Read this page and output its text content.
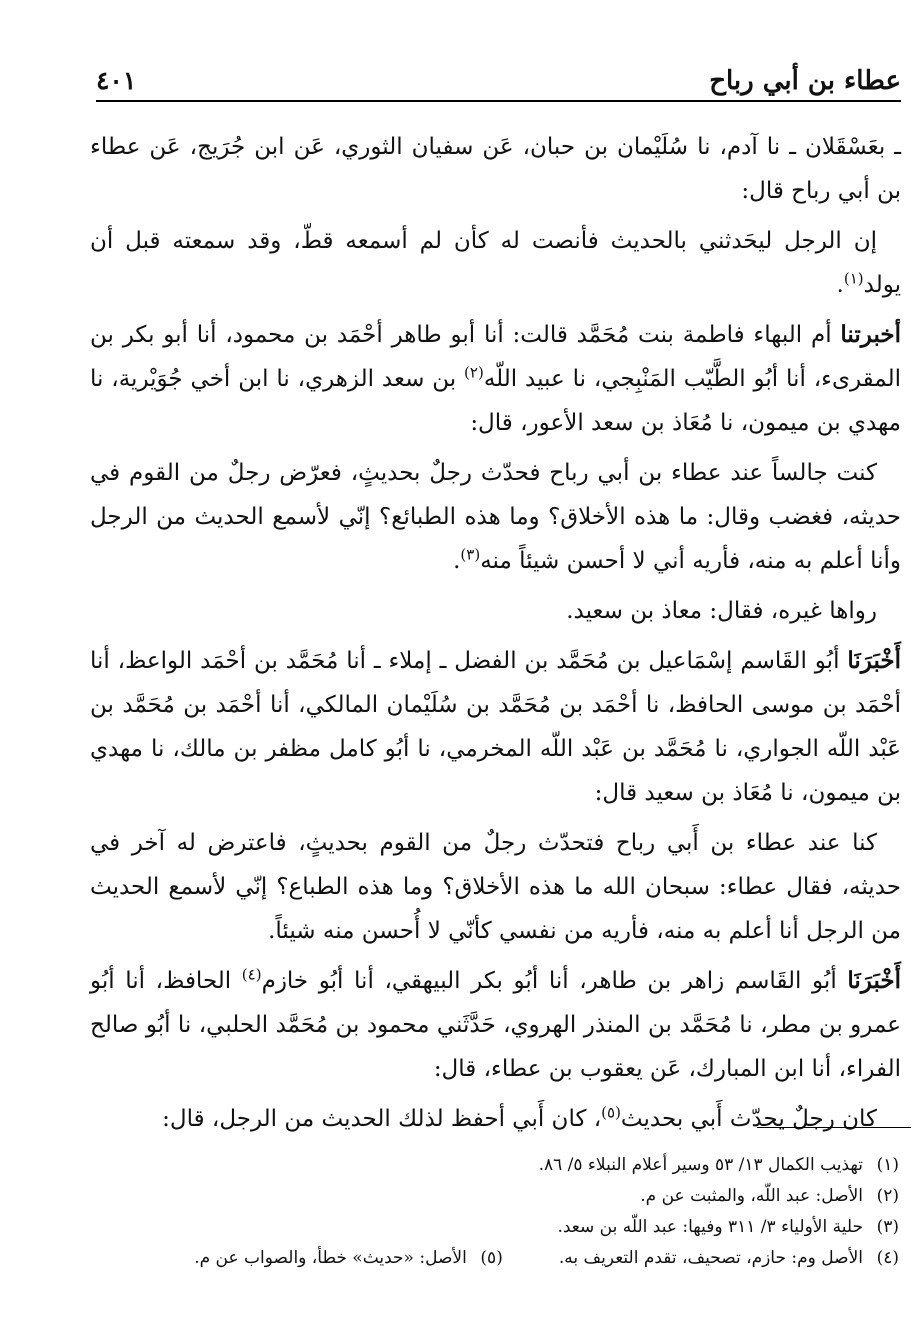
عطاء بن أبي رباح
٤٠١

ـ بعَسْقَلان ـ نا آدم، نا سُلَيْمان بن حبان، عَن سفيان الثوري، عَن ابن جُرَيج، عَن عطاء بن أبي رباح قال:

إن الرجل ليحَدثني بالحديث فأنصت له كأن لم أسمعه قطّ، وقد سمعته قبل أن يولد$^{(١)}$.

أخبرتنا أم البهاء فاطمة بنت مُحَمَّد قالت: أنا أبو طاهر أحْمَد بن محمود، أنا أبو بكر بن المقرىء، أنا أبُو الطَّيّب المَنْبِجي، نا عبيد اللّه$^{(٢)}$ بن سعد الزهري، نا ابن أخي جُوَيْرية، نا مهدي بن ميمون، نا مُعَاذ بن سعد الأعور، قال:

كنت جالساً عند عطاء بن أبي رباح فحدّث رجلٌ بحديثٍ، فعرّض رجلٌ من القوم في حديثه، فغضب وقال: ما هذه الأخلاق؟ وما هذه الطبائع؟ إنّي لأسمع الحديث من الرجل وأنا أعلم به منه، فأريه أني لا أحسن شيئاً منه$^{(٣)}$.

رواها غيره، فقال: معاذ بن سعيد.

أَخْبَرَنَا أبُو القَاسم إسْمَاعيل بن مُحَمَّد بن الفضل ـ إملاء ـ أنا مُحَمَّد بن أحْمَد الواعظ، أنا أحْمَد بن موسى الحافظ، نا أحْمَد بن مُحَمَّد بن سُلَيْمان المالكي، أنا أحْمَد بن مُحَمَّد بن عَبْد اللّه الجواري، نا مُحَمَّد بن عَبْد اللّه المخرمي، نا أبُو كامل مظفر بن مالك، نا مهدي بن ميمون، نا مُعَاذ بن سعيد قال:

كنا عند عطاء بن أَبي رباح فتحدّث رجلٌ من القوم بحديثٍ، فاعترض له آخر في حديثه، فقال عطاء: سبحان الله ما هذه الأخلاق؟ وما هذه الطباع؟ إنّي لأسمع الحديث من الرجل أنا أعلم به منه، فأريه من نفسي كأنّي لا أُحسن منه شيئاً.

أَخْبَرَنَا أبُو القَاسم زاهر بن طاهر، أنا أبُو بكر البيهقي، أنا أبُو خازم$^{(٤)}$ الحافظ، أنا أبُو عمرو بن مطر، نا مُحَمَّد بن المنذر الهروي، حَدَّثَني محمود بن مُحَمَّد الحلبي، نا أبُو صالح الفراء، أنا ابن المبارك، عَن يعقوب بن عطاء، قال:

كان رجلٌ يحدّث أَبي بحديث$^{(٥)}$، كان أَبي أحفظ لذلك الحديث من الرجل، قال:

(١)
تهذيب الكمال ١٣/ ٥٣ وسير أعلام النبلاء ٥/ ٨٦.
(٢)
الأصل: عبد اللّه، والمثبت عن م.
(٣)
حلية الأولياء ٣/ ٣١١ وفيها: عبد اللّه بن سعد.
(٤)
الأصل وم: حازم، تصحيف، تقدم التعريف به.
(٥)
الأصل: «حديث» خطأ، والصواب عن م.
